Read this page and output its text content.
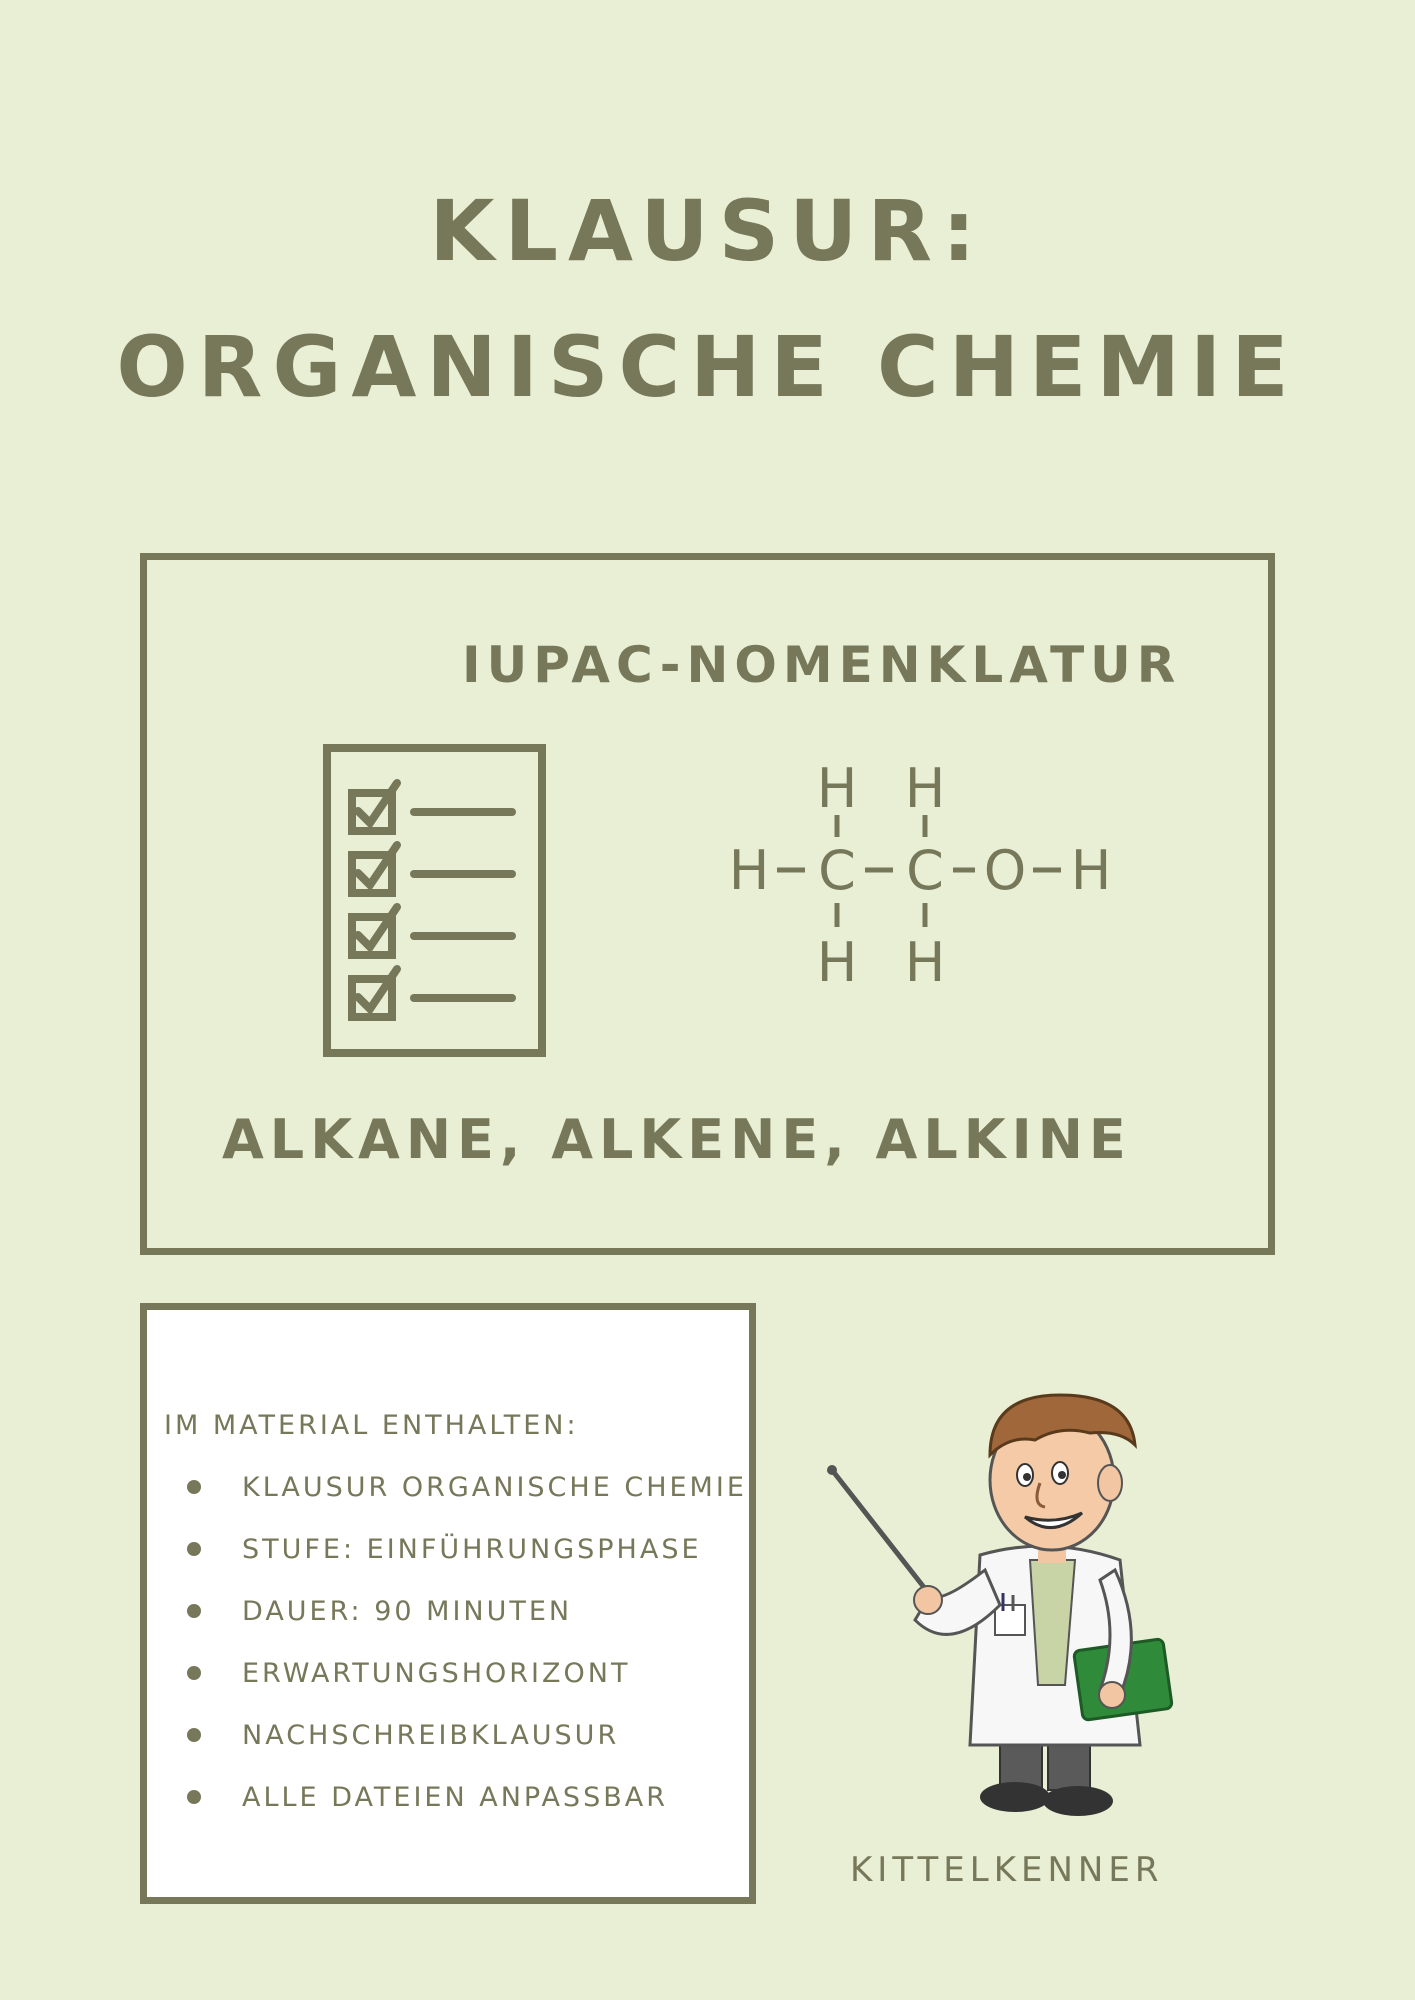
KLAUSUR:
ORGANISCHE CHEMIE
IUPAC-NOMENKLATUR
H H
H C C O H
H H
ALKANE, ALKENE, ALKINE

IM MATERIAL ENTHALTEN:

KLAUSUR ORGANISCHE CHEMIE
STUFE: EINFÜHRUNGSPHASE
DAUER: 90 MINUTEN
ERWARTUNGSHORIZONT
NACHSCHREIBKLAUSUR
ALLE DATEIEN ANPASSBAR

KITTELKENNER
